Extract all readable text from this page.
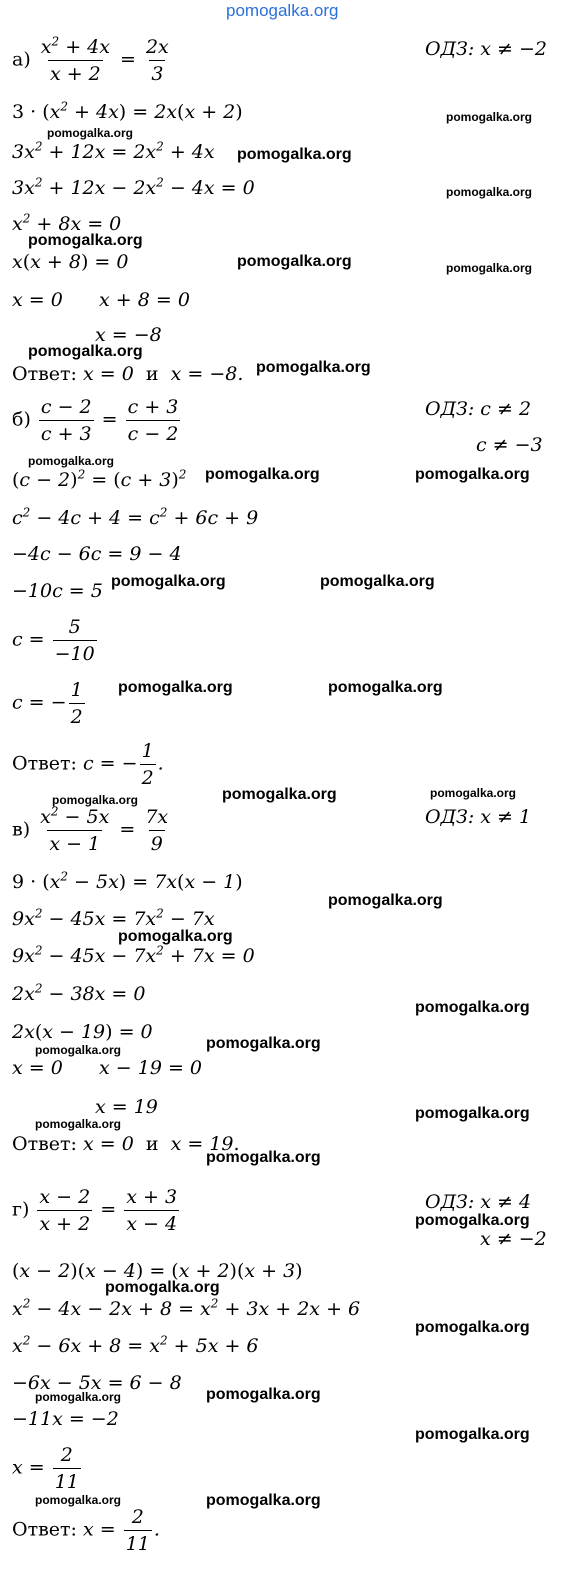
pomogalka.org
$а) \frac{x^2 + 4x}{x + 2} = \frac{2x}{3}$	ОДЗ: x ≠ −2
$3 \cdot (x^2 + 4x) = 2x(x + 2)$
$3x^2 + 12x = 2x^2 + 4x$
$3x^2 + 12x - 2x^2 - 4x = 0$
$x^2 + 8x = 0$
x(x + 8) = 0
x = 0      x + 8 = 0
x = −8
Ответ: x = 0  и  x = −8.
$б) \frac{c - 2}{c + 3} = \frac{c + 3}{c - 2}$	ОДЗ: c ≠ 2
c ≠ −3
$(c - 2)^2 = (c + 3)^2$
$c^2 - 4c + 4 = c^2 + 6c + 9$
−4c − 6c = 9 − 4
−10c = 5
$c = \frac{5}{-10}$
c = − $\frac{1}{2}$
Ответ: c = − $\frac{1}{2}$ .
$в) \frac{x^2 - 5x}{x - 1} = \frac{7x}{9}$	ОДЗ: x ≠ 1
$9 \cdot (x^2 - 5x) = 7x(x - 1)$
$9x^2 - 45x = 7x^2 - 7x$
$9x^2 - 45x - 7x^2 + 7x = 0$
$2x^2 - 38x = 0$
2x(x − 19) = 0
x = 0      x − 19 = 0
x = 19
Ответ: x = 0  и  x = 19.
$г) \frac{x - 2}{x + 2} = \frac{x + 3}{x - 4}$	ОДЗ: x ≠ 4
x ≠ −2
(x − 2)(x − 4) = (x + 2)(x + 3)
$x^2 - 4x - 2x + 8 = x^2 + 3x + 2x + 6$
$x^2 - 6x + 8 = x^2 + 5x + 6$
−6x − 5x = 6 − 8
−11x = −2
$x = \frac{2}{11}$
Ответ: $x = \frac{2}{11}$ .
pomogalka.org
pomogalka.org
pomogalka.org
pomogalka.org
pomogalka.org
pomogalka.org	pomogalka.org
pomogalka.org
pomogalka.org
pomogalka.org
pomogalka.org	pomogalka.org
pomogalka.org	pomogalka.org
pomogalka.org	pomogalka.org
pomogalka.org
pomogalka.org
pomogalka.org
pomogalka.org
pomogalka.org
pomogalka.org
pomogalka.org
pomogalka.org
pomogalka.org
pomogalka.org
pomogalka.org
pomogalka.org
pomogalka.org
pomogalka.org
pomogalka.org
pomogalka.org
pomogalka.org
pomogalka.org
pomogalka.org
